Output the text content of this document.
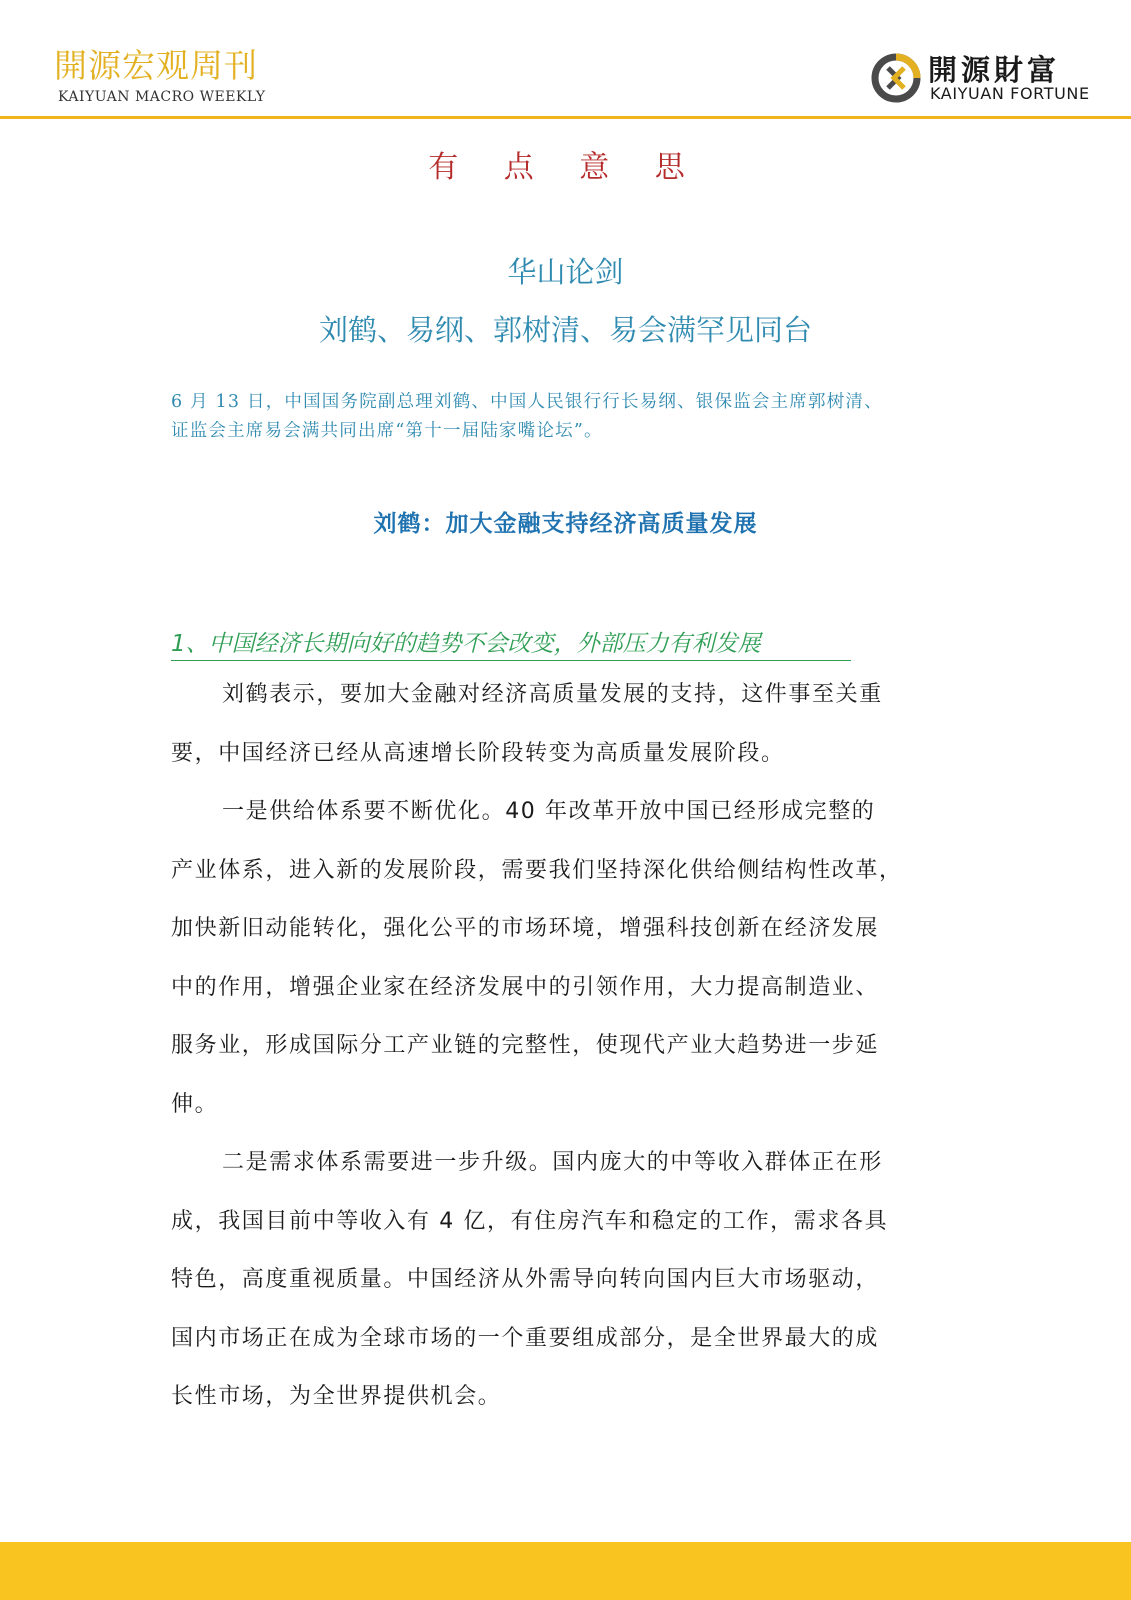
開源宏观周刊
KAIYUAN MACRO WEEKLY
開源財富
KAIYUAN FORTUNE
有 点 意 思
华山论剑
刘鹤、易纲、郭树清、易会满罕见同台

6 月 13 日，中国国务院副总理刘鹤、中国人民银行行长易纲、银保监会主席郭树清、

证监会主席易会满共同出席“第十一届陆家嘴论坛”。

刘鹤：加大金融支持经济高质量发展
1、中国经济长期向好的趋势不会改变，外部压力有利发展

刘鹤表示，要加大金融对经济高质量发展的支持，这件事至关重

要，中国经济已经从高速增长阶段转变为高质量发展阶段。

一是供给体系要不断优化。40 年改革开放中国已经形成完整的

产业体系，进入新的发展阶段，需要我们坚持深化供给侧结构性改革，

加快新旧动能转化，强化公平的市场环境，增强科技创新在经济发展

中的作用，增强企业家在经济发展中的引领作用，大力提高制造业、

服务业，形成国际分工产业链的完整性，使现代产业大趋势进一步延

伸。

二是需求体系需要进一步升级。国内庞大的中等收入群体正在形

成，我国目前中等收入有 4 亿，有住房汽车和稳定的工作，需求各具

特色，高度重视质量。中国经济从外需导向转向国内巨大市场驱动，

国内市场正在成为全球市场的一个重要组成部分，是全世界最大的成

长性市场，为全世界提供机会。
